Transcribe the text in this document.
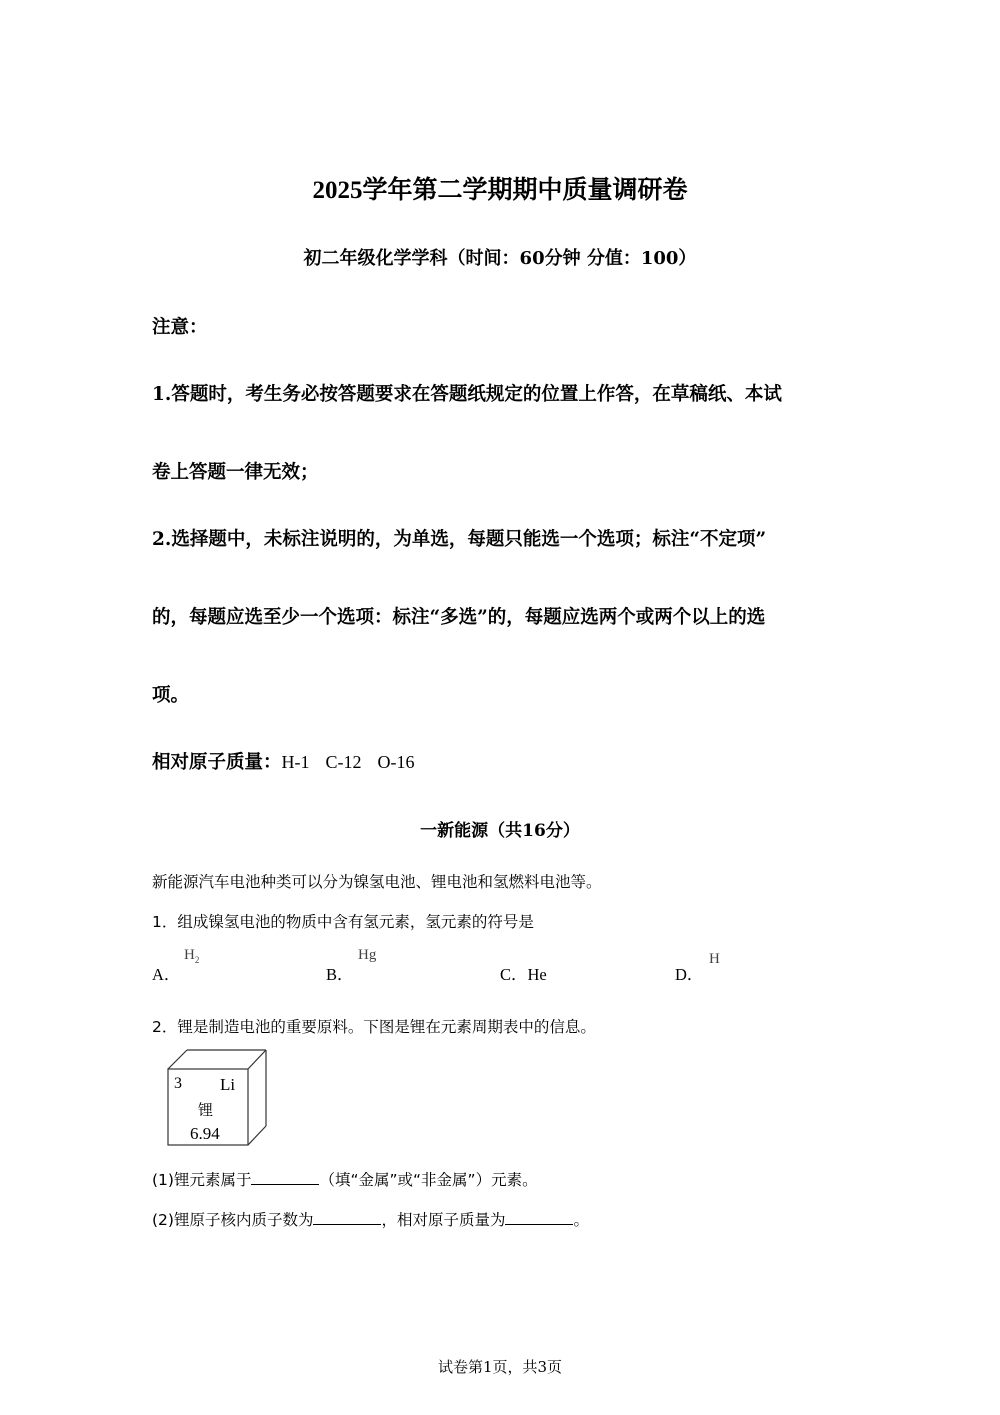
2025学年第二学期期中质量调研卷
初二年级化学学科（时间：60分钟 分值：100）
注意：
1.答题时，考生务必按答题要求在答题纸规定的位置上作答，在草稿纸、本试
卷上答题一律无效；
2.选择题中，未标注说明的，为单选，每题只能选一个选项；标注“不定项”
的，每题应选至少一个选项：标注“多选”的，每题应选两个或两个以上的选
项。
相对原子质量：H-1 C-12 O-16
一新能源（共16分）
新能源汽车电池种类可以分为镍氢电池、锂电池和氢燃料电池等。
1．组成镍氢电池的物质中含有氢元素，氢元素的符号是
A．
$H_2$
B．
Hg
C．He	D．
H
2．锂是制造电池的重要原料。下图是锂在元素周期表中的信息。
3 Li
锂
6.94
(1)锂元素属于	（填“金属”或“非金属”）元素。
(2)锂原子核内质子数为	，相对原子质量为	。
试卷第1页，共3页
